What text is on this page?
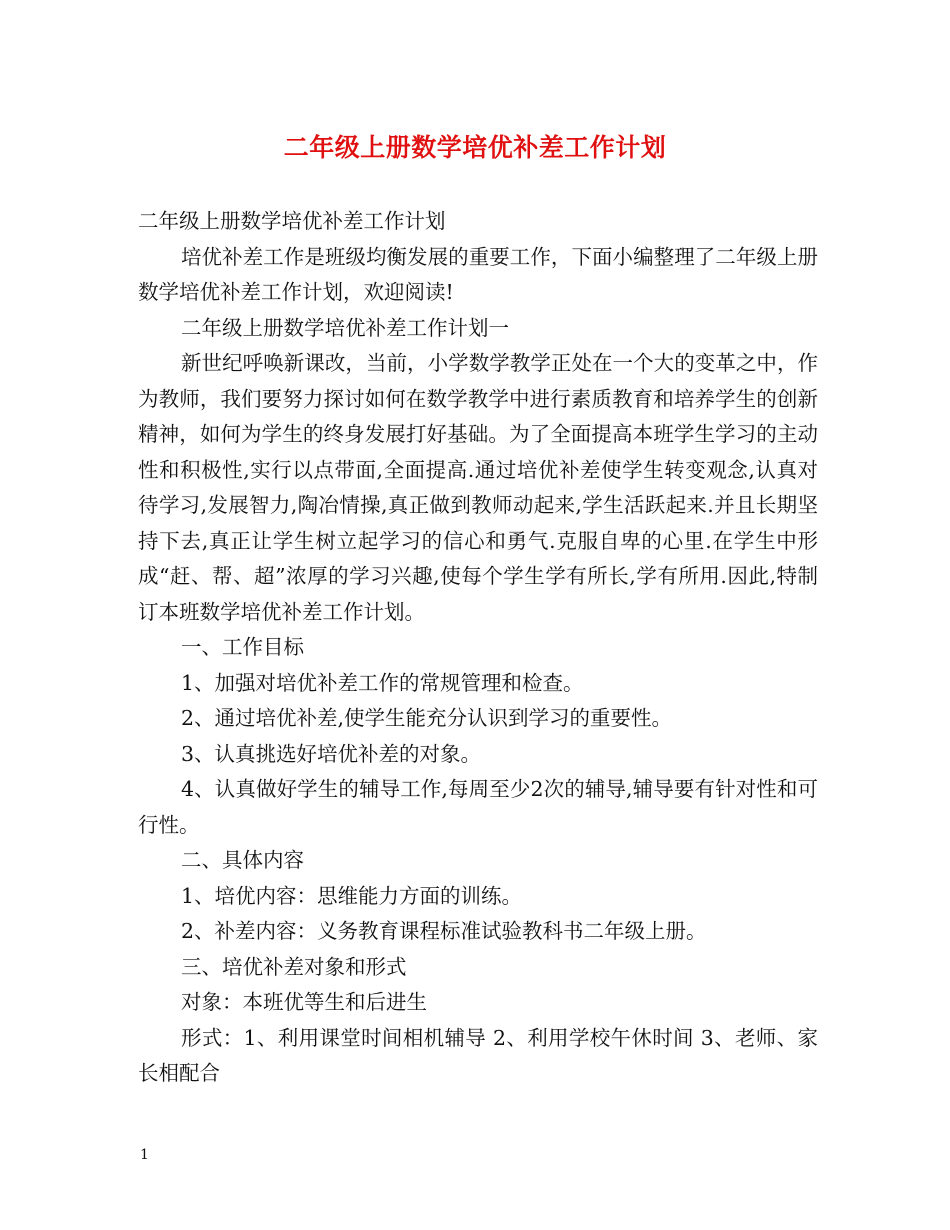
二年级上册数学培优补差工作计划

二年级上册数学培优补差工作计划

培优补差工作是班级均衡发展的重要工作，下面小编整理了二年级上册数学培优补差工作计划，欢迎阅读!

二年级上册数学培优补差工作计划一

新世纪呼唤新课改，当前，小学数学教学正处在一个大的变革之中，作为教师，我们要努力探讨如何在数学教学中进行素质教育和培养学生的创新精神，如何为学生的终身发展打好基础。为了全面提高本班学生学习的主动性和积极性,实行以点带面,全面提高.通过培优补差使学生转变观念,认真对待学习,发展智力,陶冶情操,真正做到教师动起来,学生活跃起来.并且长期坚持下去,真正让学生树立起学习的信心和勇气.克服自卑的心里.在学生中形成“赶、帮、超”浓厚的学习兴趣,使每个学生学有所长,学有所用.因此,特制订本班数学培优补差工作计划。

一、工作目标

1、加强对培优补差工作的常规管理和检查。

2、通过培优补差,使学生能充分认识到学习的重要性。

3、认真挑选好培优补差的对象。

4、认真做好学生的辅导工作,每周至少2次的辅导,辅导要有针对性和可行性。

二、具体内容

1、培优内容：思维能力方面的训练。

2、补差内容：义务教育课程标准试验教科书二年级上册。

三、培优补差对象和形式

对象：本班优等生和后进生

形式：1、利用课堂时间相机辅导 2、利用学校午休时间 3、老师、家长相配合

1
